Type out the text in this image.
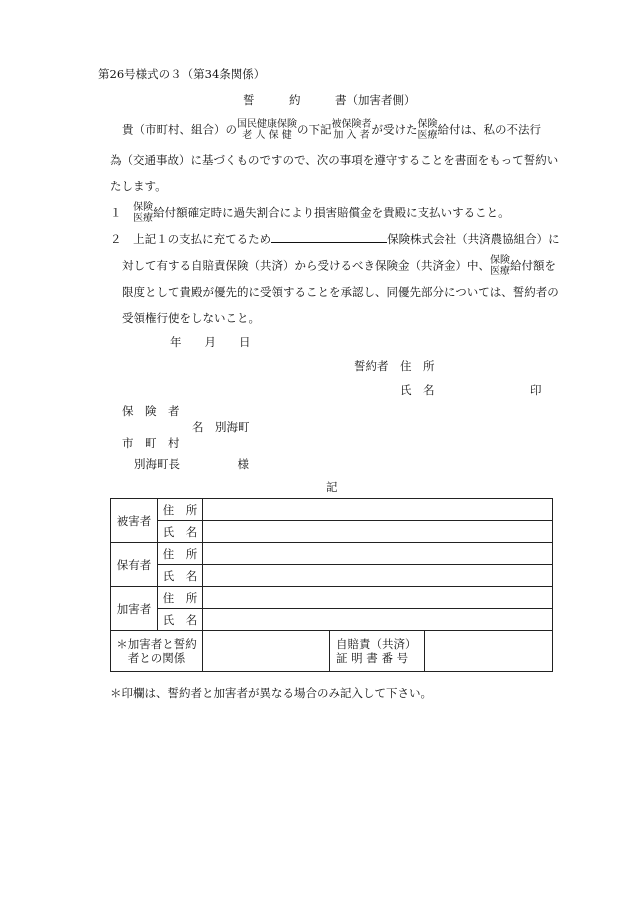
第26号様式の３（第34条関係）
誓　　　約　　　書（加害者側）
貴（市町村、組合）の 国民健康保険
老 人 保 健 の下記 被保険者
加 入 者 が受けた 保険
医療 給付は、私の不法行
為（交通事故）に基づくものですので、次の事項を遵守することを書面をもって誓約い
たします。
１ 保険
医療 給付額確定時に過失割合により損害賠償金を貴殿に支払いすること。
２ 上記１の支払に充てるため	保険株式会社（共済農協組合）に
対して有する自賠責保険（共済）から受けるべき保険金（共済金）中、 保険
医療 給付額を
限度として貴殿が優先的に受領することを承認し、同優先部分については、誓約者の
受領権行使をしないこと。
年　　月　　日
誓約者　住　所
氏　名	印
保　険　者
名　別海町
市　町　村
別海町長　　　　　様
記
被害者	住　所			
	氏　名			
保有者	住　所			
	氏　名			
加害者	住　所			
	氏　名			

＊加害者と誓約
者との関係			自賠責（共済）
証 明 書 番 号	

＊印欄は、誓約者と加害者が異なる場合のみ記入して下さい。
